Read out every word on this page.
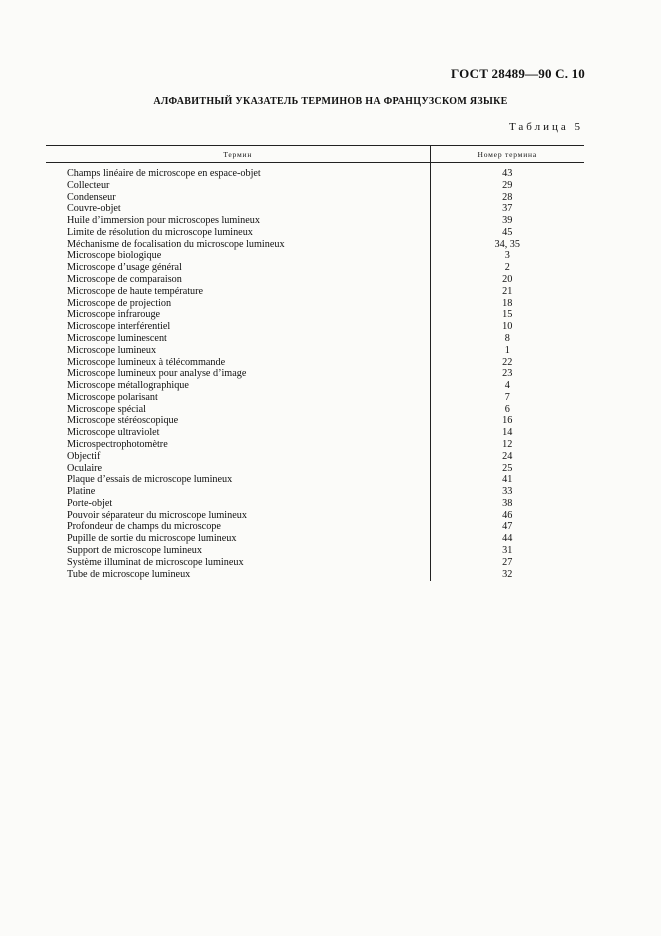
ГОСТ 28489—90 С. 10
АЛФАВИТНЫЙ УКАЗАТЕЛЬ ТЕРМИНОВ НА ФРАНЦУЗСКОМ ЯЗЫКЕ
Таблица 5
Термин	Номер термина
Champs linéaire de microscope en espace-objet	43
Collecteur	29
Condenseur	28
Couvre-objet	37
Huile d’immersion pour microscopes lumineux	39
Limite de résolution du microscope lumineux	45
Méchanisme de focalisation du microscope lumineux	34, 35
Microscope biologique	3
Microscope d’usage général	2
Microscope de comparaison	20
Microscope de haute température	21
Microscope de projection	18
Microscope infrarouge	15
Microscope interférentiel	10
Microscope luminescent	8
Microscope lumineux	1
Microscope lumineux à télécommande	22
Microscope lumineux pour analyse d’image	23
Microscope métallographique	4
Microscope polarisant	7
Microscope spécial	6
Microscope stéréoscopique	16
Microscope ultraviolet	14
Microspectrophotomètre	12
Objectif	24
Oculaire	25
Plaque d’essais de microscope lumineux	41
Platine	33
Porte-objet	38
Pouvoir séparateur du microscope lumineux	46
Profondeur de champs du microscope	47
Pupille de sortie du microscope lumineux	44
Support de microscope lumineux	31
Système illuminat de microscope lumineux	27
Tube de microscope lumineux	32
